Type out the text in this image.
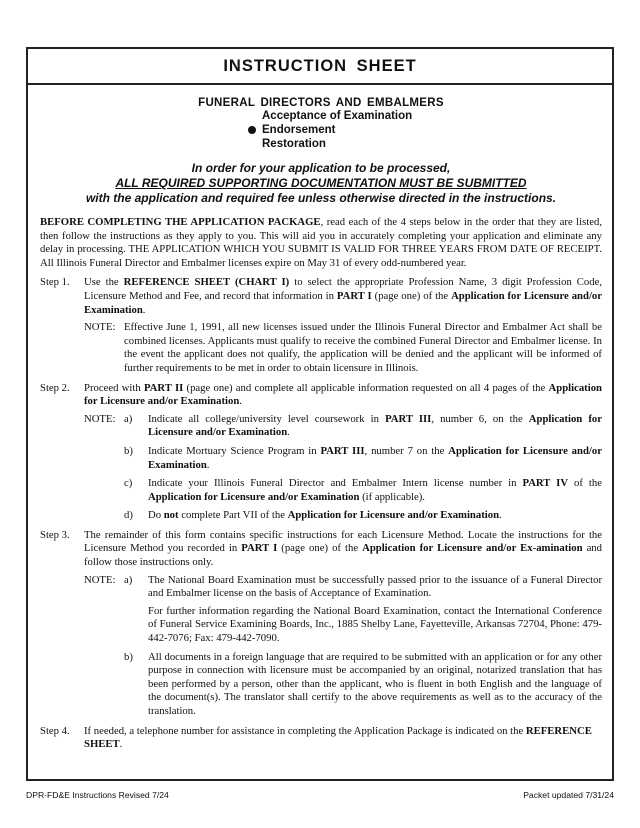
INSTRUCTION SHEET
FUNERAL DIRECTORS AND EMBALMERS
Acceptance of Examination
Endorsement
Restoration
In order for your application to be processed,
ALL REQUIRED SUPPORTING DOCUMENTATION MUST BE SUBMITTED
with the application and required fee unless otherwise directed in the instructions.
BEFORE COMPLETING THE APPLICATION PACKAGE, read each of the 4 steps below in the order that they are listed, then follow the instructions as they apply to you. This will aid you in accurately completing your application and eliminate any delay in processing. THE APPLICATION WHICH YOU SUBMIT IS VALID FOR THREE YEARS FROM DATE OF RECEIPT. All Illinois Funeral Director and Embalmer licenses expire on May 31 of every odd-numbered year.
Step 1.	Use the REFERENCE SHEET (CHART I) to select the appropriate Profession Name, 3 digit Profession Code, Licensure Method and Fee, and record that information in PART I (page one) of the Application for Licensure and/or Examination.
NOTE: Effective June 1, 1991, all new licenses issued under the Illinois Funeral Director and Embalmer Act shall be combined licenses. Applicants must qualify to receive the combined Funeral Director and Embalmer license. In the event the applicant does not qualify, the application will be denied and the applicant will be informed of further requirements to be met in order to obtain licensure in Illinois.
Step 2.	Proceed with PART II (page one) and complete all applicable information requested on all 4 pages of the Application for Licensure and/or Examination.
NOTE: a)	Indicate all college/university level coursework in PART III, number 6, on the Application for Licensure and/or Examination.
b)	Indicate Mortuary Science Program in PART III, number 7 on the Application for Licensure and/or Examination.
c)	Indicate your Illinois Funeral Director and Embalmer Intern license number in PART IV of the Application for Licensure and/or Examination (if applicable).
d)	Do not complete Part VII of the Application for Licensure and/or Examination.
Step 3.	The remainder of this form contains specific instructions for each Licensure Method. Locate the instructions for the Licensure Method you recorded in PART I (page one) of the Application for Licensure and/or Ex-amination and follow those instructions only.
NOTE: a)	The National Board Examination must be successfully passed prior to the issuance of a Funeral Director and Embalmer license on the basis of Acceptance of Examination.
For further information regarding the National Board Examination, contact the International Conference of Funeral Service Examining Boards, Inc., 1885 Shelby Lane, Fayetteville, Arkansas 72704, Phone: 479-442-7076; Fax: 479-442-7090.
b)	All documents in a foreign language that are required to be submitted with an application or for any other purpose in connection with licensure must be accompanied by an original, notarized translation that has been performed by a person, other than the applicant, who is fluent in both English and the language of the document(s). The translator shall certify to the above requirements as well as to the accuracy of the translation.
Step 4.	If needed, a telephone number for assistance in completing the Application Package is indicated on the REFERENCE SHEET.
DPR-FD&E Instructions Revised 7/24	Packet updated 7/31/24
